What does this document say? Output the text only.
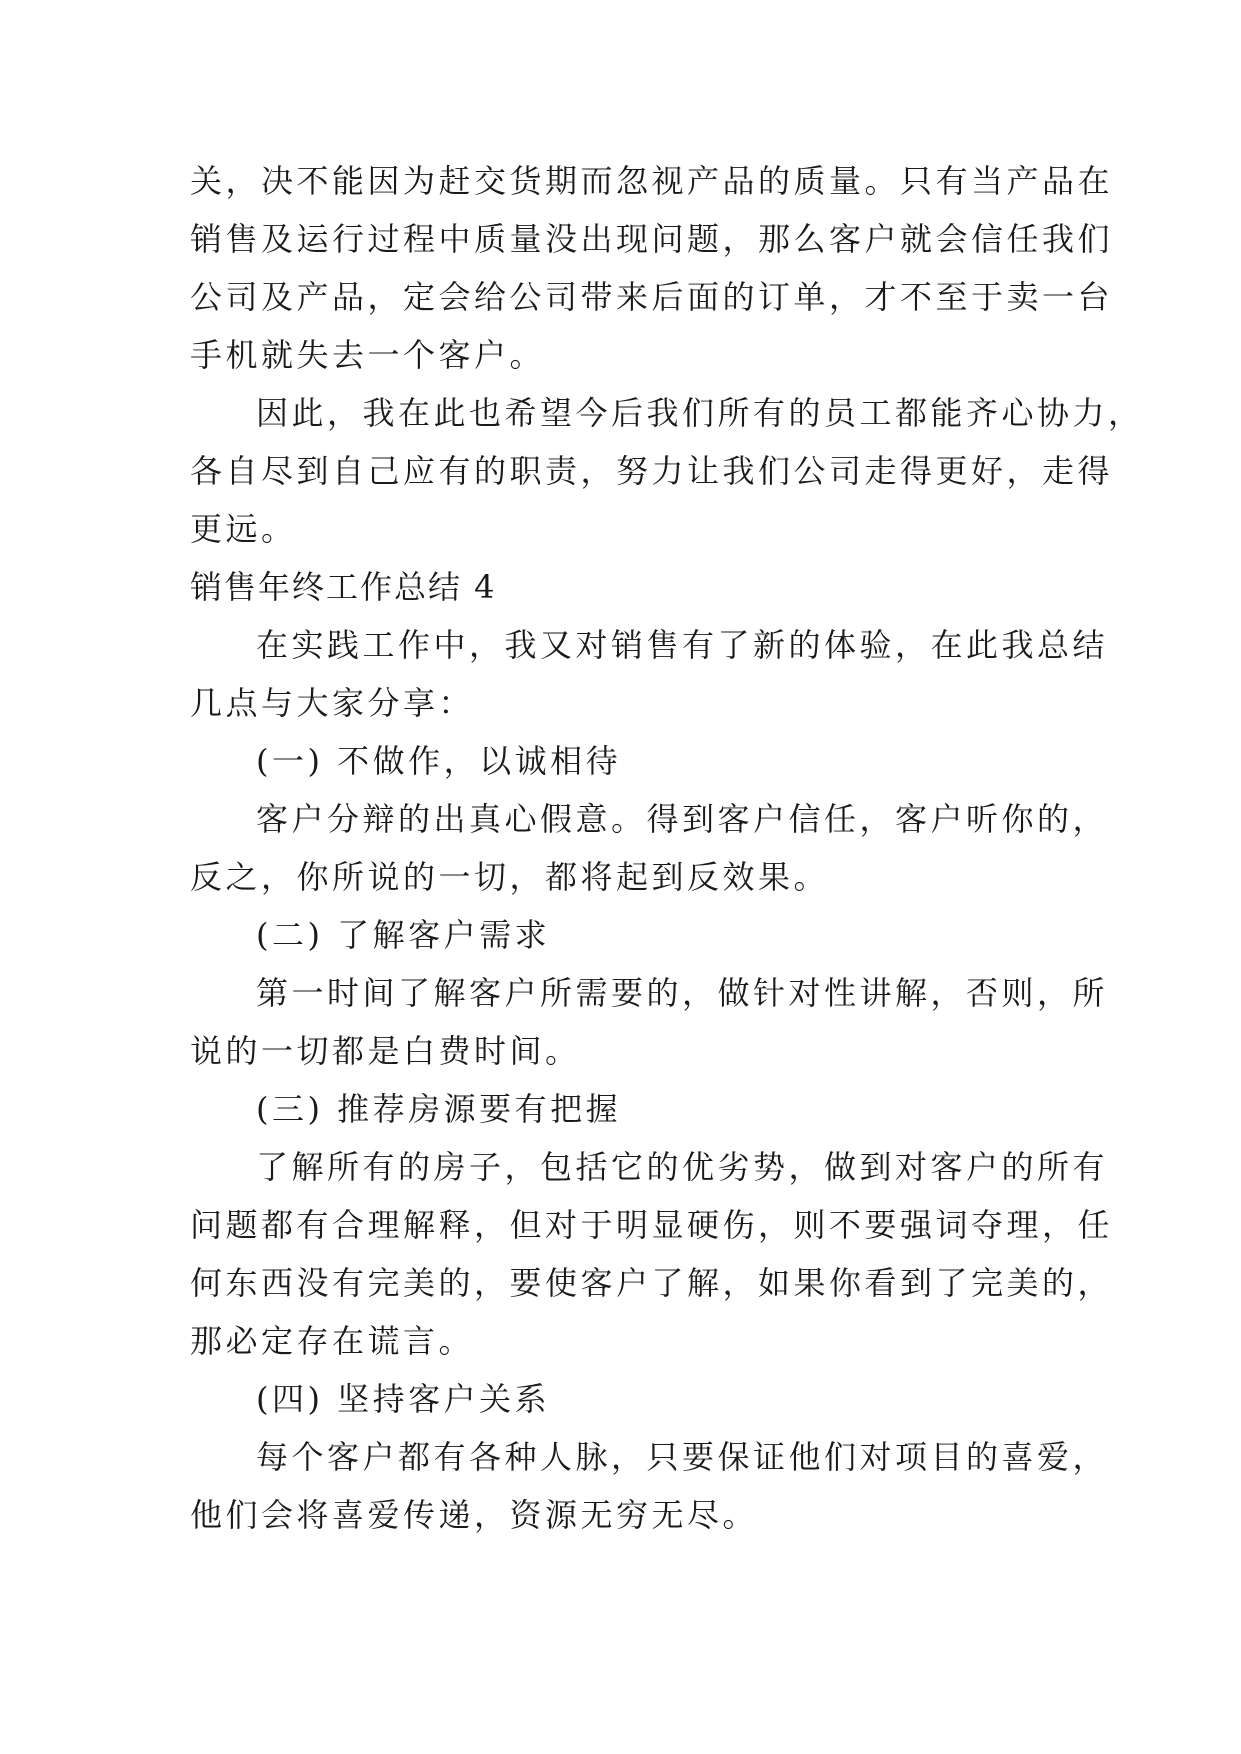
关，决不能因为赶交货期而忽视产品的质量。只有当产品在
销售及运行过程中质量没出现问题，那么客户就会信任我们
公司及产品，定会给公司带来后面的订单，才不至于卖一台
手机就失去一个客户。
因此，我在此也希望今后我们所有的员工都能齐心协力，
各自尽到自己应有的职责，努力让我们公司走得更好，走得
更远。
销售年终工作总结 4
在实践工作中，我又对销售有了新的体验，在此我总结
几点与大家分享：
(一) 不做作，以诚相待
客户分辩的出真心假意。得到客户信任，客户听你的，
反之，你所说的一切，都将起到反效果。
(二) 了解客户需求
第一时间了解客户所需要的，做针对性讲解，否则，所
说的一切都是白费时间。
(三) 推荐房源要有把握
了解所有的房子，包括它的优劣势，做到对客户的所有
问题都有合理解释，但对于明显硬伤，则不要强词夺理，任
何东西没有完美的，要使客户了解，如果你看到了完美的，
那必定存在谎言。
(四) 坚持客户关系
每个客户都有各种人脉，只要保证他们对项目的喜爱，
他们会将喜爱传递，资源无穷无尽。
